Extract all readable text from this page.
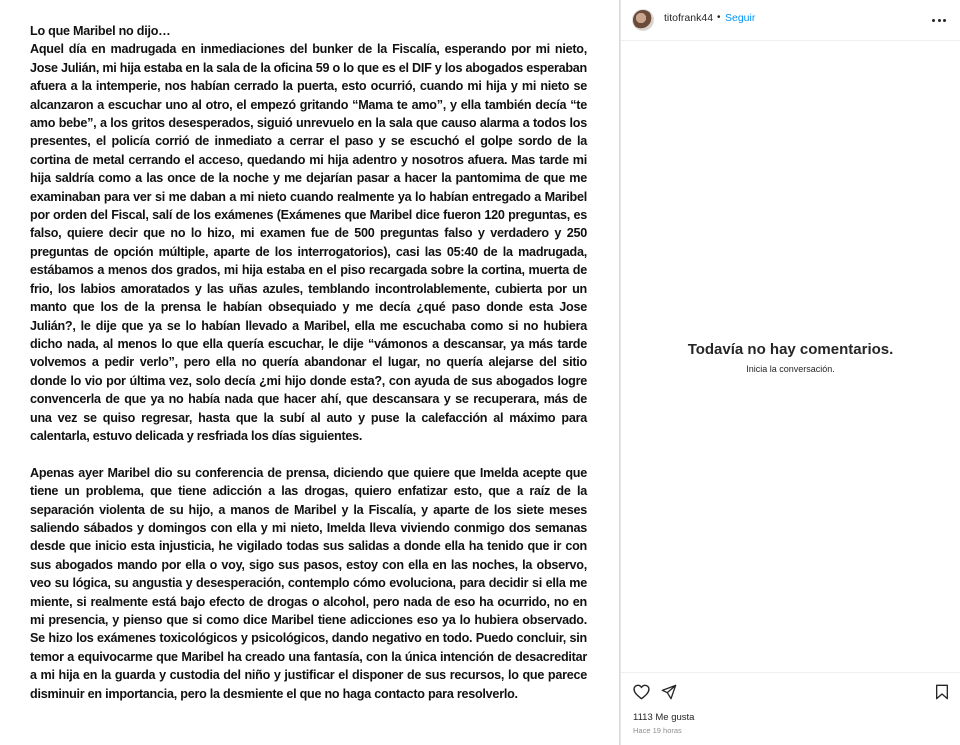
Lo que Maribel no dijo…

Aquel día en madrugada en inmediaciones del bunker de la Fiscalía, esperando por mi nieto, Jose Julián, mi hija estaba en la sala de la oficina 59 o lo que es el DIF y los abogados esperaban afuera a la intemperie, nos habían cerrado la puerta, esto ocurrió, cuando mi hija y mi nieto se alcanzaron a escuchar uno al otro, el empezó gritando “Mama te amo”, y ella también decía “te amo bebe”, a los gritos desesperados, siguió unrevuelo en la sala que causo alarma a todos los presentes, el policía corrió de inmediato a cerrar el paso y se escuchó el golpe sordo de la cortina de metal cerrando el acceso, quedando mi hija adentro y nosotros afuera. Mas tarde mi hija saldría como a las once de la noche y me dejarían pasar a hacer la pantomima de que me examinaban para ver si me daban a mi nieto cuando realmente ya lo habían entregado a Maribel por orden del Fiscal, salí de los exámenes (Exámenes que Maribel dice fueron 120 preguntas, es falso, quiere decir que no lo hizo, mi examen fue de 500 preguntas falso y verdadero y 250 preguntas de opción múltiple, aparte de los interrogatorios), casi las 05:40 de la madrugada, estábamos a menos dos grados, mi hija estaba en el piso recargada sobre la cortina, muerta de frio, los labios amoratados y las uñas azules, temblando incontrolablemente, cubierta por un manto que los de la prensa le habían obsequiado y me decía ¿qué paso donde esta Jose Julián?, le dije que ya se lo habían llevado a Maribel, ella me escuchaba como si no hubiera dicho nada, al menos lo que ella quería escuchar, le dije “vámonos a descansar, ya más tarde volvemos a pedir verlo”, pero ella no quería abandonar el lugar, no quería alejarse del sitio donde lo vio por última vez, solo decía ¿mi hijo donde esta?, con ayuda de sus abogados logre convencerla de que ya no había nada que hacer ahí, que descansara y se recuperara, más de una vez se quiso regresar, hasta que la subí al auto y puse la calefacción al máximo para calentarla, estuvo delicada y resfriada los días siguientes.

Apenas ayer Maribel dio su conferencia de prensa, diciendo que quiere que Imelda acepte que tiene un problema, que tiene adicción a las drogas, quiero enfatizar esto, que a raíz de la separación violenta de su hijo, a manos de Maribel y la Fiscalía, y aparte de los siete meses saliendo sábados y domingos con ella y mi nieto, Imelda lleva viviendo conmigo dos semanas desde que inicio esta injusticia, he vigilado todas sus salidas a donde ella ha tenido que ir con sus abogados mando por ella o voy, sigo sus pasos, estoy con ella en las noches, la observo, veo su lógica, su angustia y desesperación, contemplo cómo evoluciona, para decidir si ella me miente, si realmente está bajo efecto de drogas o alcohol, pero nada de eso ha ocurrido, no en mi presencia, y pienso que si como dice Maribel tiene adicciones eso ya lo hubiera observado. Se hizo los exámenes toxicológicos y psicológicos, dando negativo en todo. Puedo concluir, sin temor a equivocarme que Maribel ha creado una fantasía, con la única intención de desacreditar a mi hija en la guarda y custodia del niño y justificar el disponer de sus recursos, lo que parece disminuir en importancia, pero la desmiente el que no haga contacto para resolverlo.

titofrank44 • Seguir
Todavía no hay comentarios.
Inicia la conversación.
1113 Me gusta
Hace 19 horas
